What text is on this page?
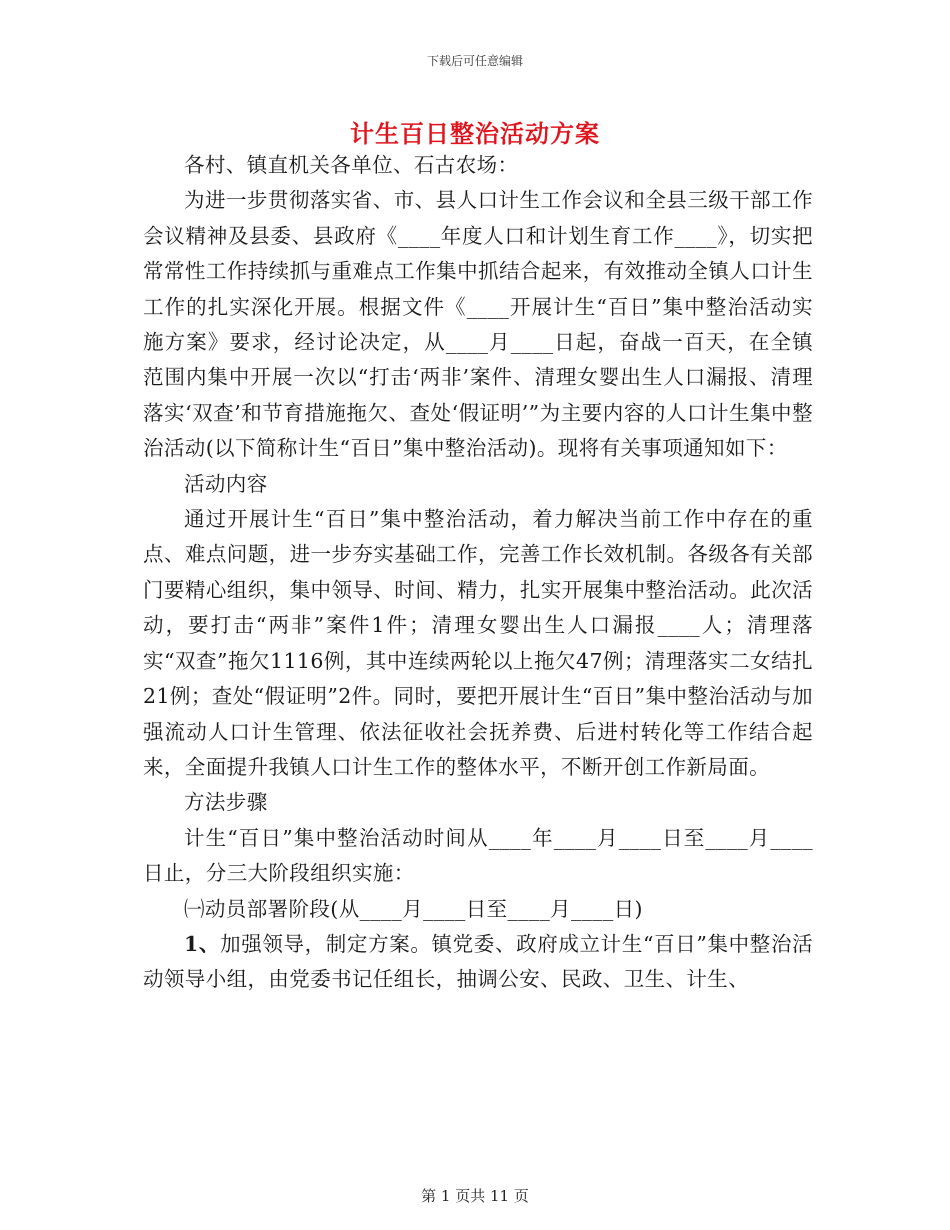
下载后可任意编辑
计生百日整治活动方案

各村、镇直机关各单位、石古农场：

为进一步贯彻落实省、市、县人口计生工作会议和全县三级干部工作会议精神及县委、县政府《____年度人口和计划生育工作____》，切实把常常性工作持续抓与重难点工作集中抓结合起来，有效推动全镇人口计生工作的扎实深化开展。根据文件《____开展计生“百日”集中整治活动实施方案》要求，经讨论决定，从____月____日起，奋战一百天，在全镇范围内集中开展一次以“打击‘两非’案件、清理女婴出生人口漏报、清理落实‘双查’和节育措施拖欠、查处‘假证明’”为主要内容的人口计生集中整治活动(以下简称计生“百日”集中整治活动)。现将有关事项通知如下：

活动内容

通过开展计生“百日”集中整治活动，着力解决当前工作中存在的重点、难点问题，进一步夯实基础工作，完善工作长效机制。各级各有关部门要精心组织，集中领导、时间、精力，扎实开展集中整治活动。此次活动，要打击“两非”案件1件；清理女婴出生人口漏报____人；清理落实“双查”拖欠1116例，其中连续两轮以上拖欠47例；清理落实二女结扎21例；查处“假证明”2件。同时，要把开展计生“百日”集中整治活动与加强流动人口计生管理、依法征收社会抚养费、后进村转化等工作结合起来，全面提升我镇人口计生工作的整体水平，不断开创工作新局面。

方法步骤

计生“百日”集中整治活动时间从____年____月____日至____月____日止，分三大阶段组织实施：

㈠动员部署阶段(从____月____日至____月____日)

1、加强领导，制定方案。镇党委、政府成立计生“百日”集中整治活动领导小组，由党委书记任组长，抽调公安、民政、卫生、计生、

第 1 页共 11 页
